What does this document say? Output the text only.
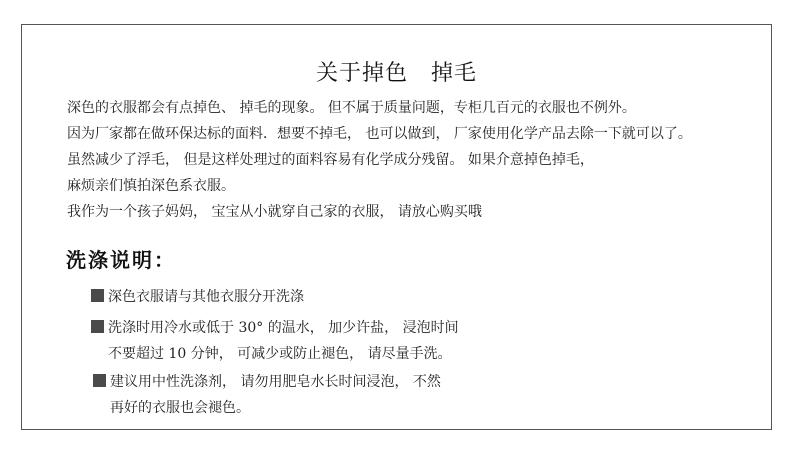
关于掉色　掉毛
深色的衣服都会有点掉色、 掉毛的现象。 但不属于质量问题，专柜几百元的衣服也不例外。
因为厂家都在做环保达标的面料．想要不掉毛， 也可以做到， 厂家使用化学产品去除一下就可以了。
虽然减少了浮毛， 但是这样处理过的面料容易有化学成分残留。 如果介意掉色掉毛，
麻烦亲们慎拍深色系衣服。
我作为一个孩子妈妈， 宝宝从小就穿自己家的衣服， 请放心购买哦
洗涤说明：
深色衣服请与其他衣服分开洗涤
洗涤时用冷水或低于 30° 的温水， 加少许盐， 浸泡时间
不要超过 10 分钟， 可减少或防止褪色， 请尽量手洗。
建议用中性洗涤剂， 请勿用肥皂水长时间浸泡， 不然
再好的衣服也会褪色。
